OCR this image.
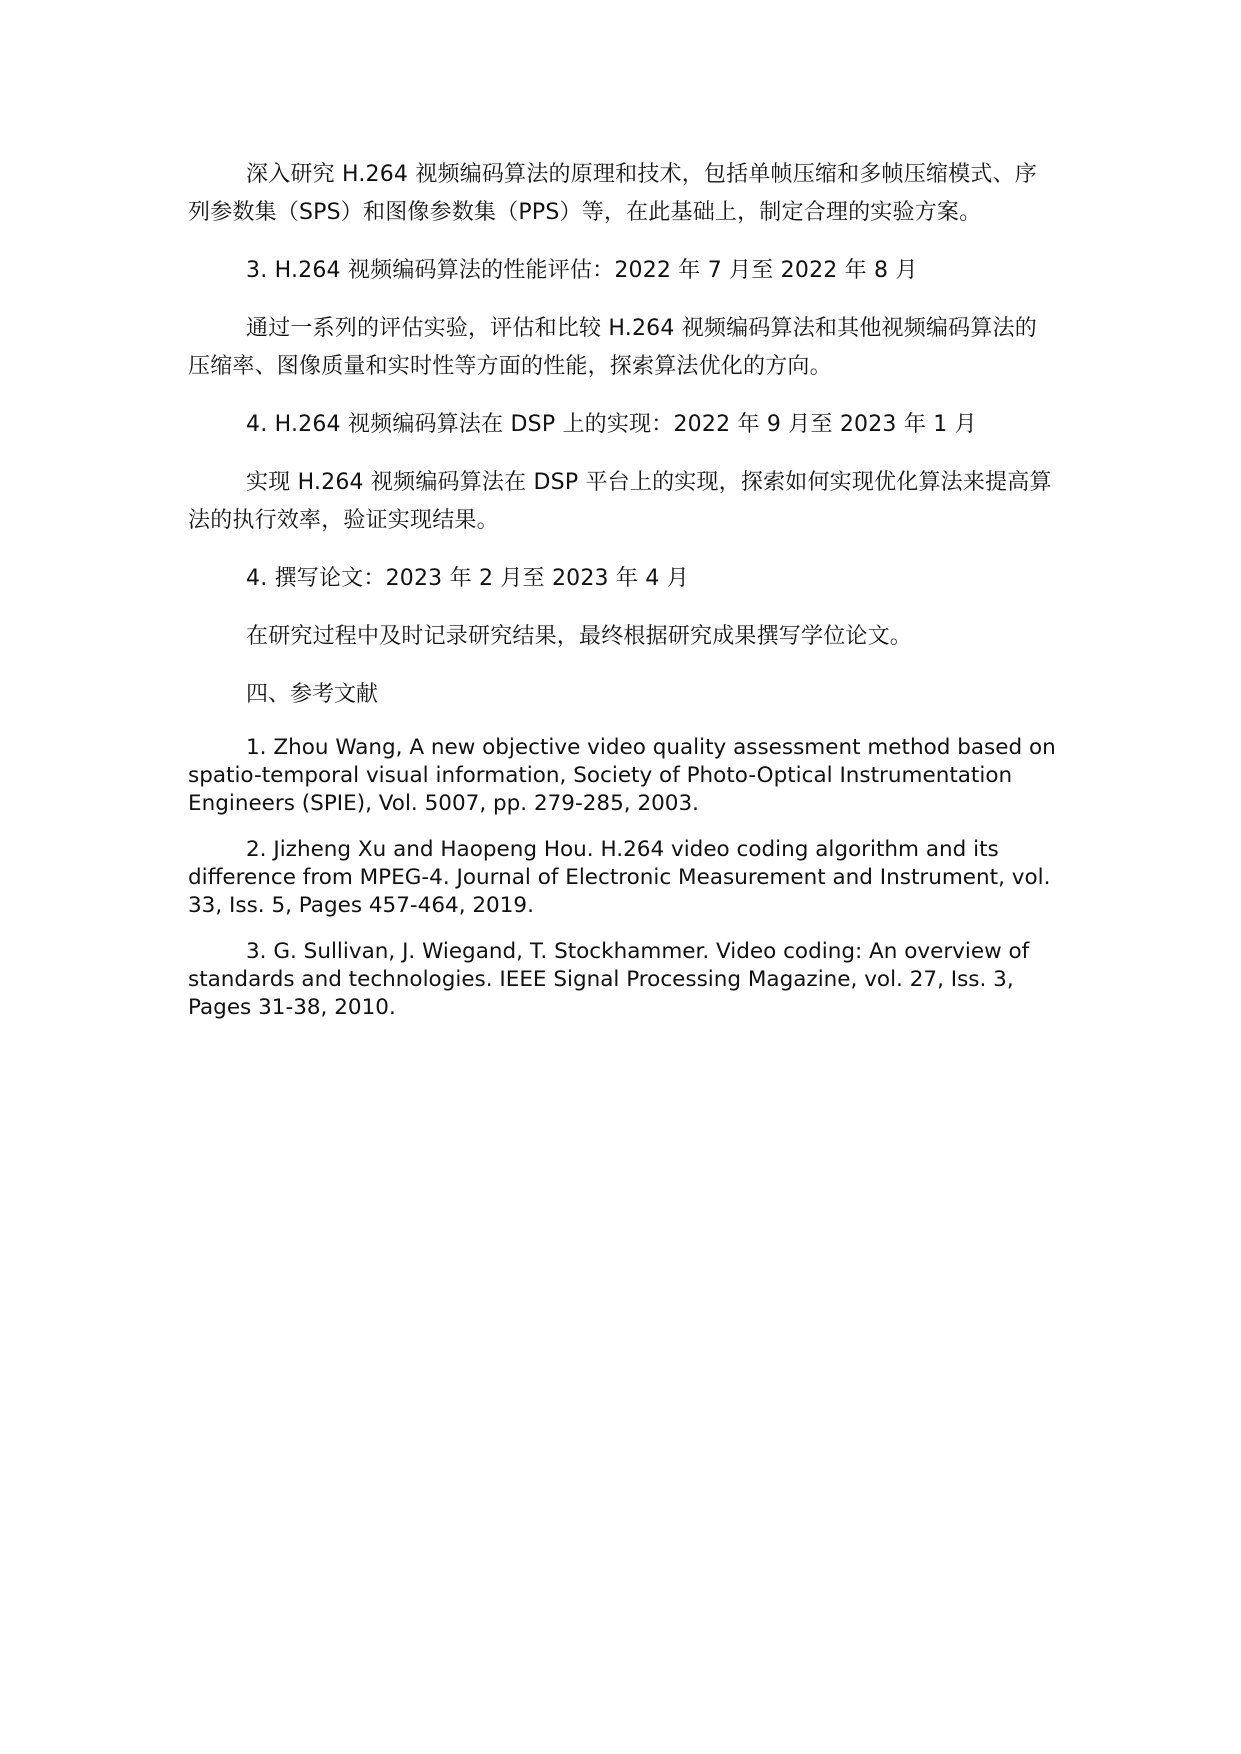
深入研究 H.264 视频编码算法的原理和技术，包括单帧压缩和多帧压缩模式、序列参数集（SPS）和图像参数集（PPS）等，在此基础上，制定合理的实验方案。

3. H.264 视频编码算法的性能评估：2022 年 7 月至 2022 年 8 月

通过一系列的评估实验，评估和比较 H.264 视频编码算法和其他视频编码算法的压缩率、图像质量和实时性等方面的性能，探索算法优化的方向。

4. H.264 视频编码算法在 DSP 上的实现：2022 年 9 月至 2023 年 1 月

实现 H.264 视频编码算法在 DSP 平台上的实现，探索如何实现优化算法来提高算法的执行效率，验证实现结果。

4. 撰写论文：2023 年 2 月至 2023 年 4 月

在研究过程中及时记录研究结果，最终根据研究成果撰写学位论文。

四、参考文献

1. Zhou Wang, A new objective video quality assessment method based on spatio-temporal visual information, Society of Photo-Optical Instrumentation Engineers (SPIE), Vol. 5007, pp. 279-285, 2003.

2. Jizheng Xu and Haopeng Hou. H.264 video coding algorithm and its difference from MPEG-4. Journal of Electronic Measurement and Instrument, vol. 33, Iss. 5, Pages 457-464, 2019.

3. G. Sullivan, J. Wiegand, T. Stockhammer. Video coding: An overview of standards and technologies. IEEE Signal Processing Magazine, vol. 27, Iss. 3, Pages 31-38, 2010.
